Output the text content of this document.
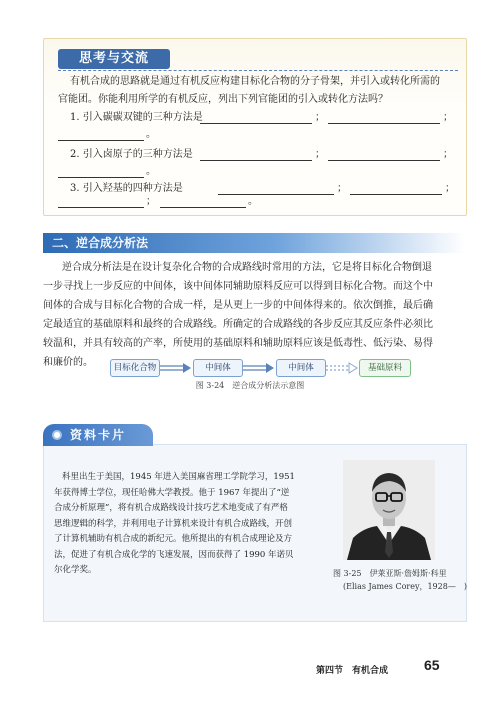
思考与交流
有机合成的思路就是通过有机反应构建目标化合物的分子骨架，并引入或转化所需的
官能团。你能利用所学的有机反应，列出下列官能团的引入或转化方法吗？
1. 引入碳碳双键的三种方法是	；	；
。
2. 引入卤原子的三种方法是	；	；
。
3. 引入羟基的四种方法是	；	；
；	。
二、逆合成分析法
逆合成分析法是在设计复杂化合物的合成路线时常用的方法，它是将目标化合物倒退
一步寻找上一步反应的中间体，该中间体同辅助原料反应可以得到目标化合物。而这个中
间体的合成与目标化合物的合成一样，是从更上一步的中间体得来的。依次倒推，最后确
定最适宜的基础原料和最终的合成路线。所确定的合成路线的各步反应其反应条件必须比
较温和，并具有较高的产率，所使用的基础原料和辅助原料应该是低毒性、低污染、易得
和廉价的。	目标化合物	中间体	中间体	基础原料
图 3-24　逆合成分析法示意图
资料卡片
科里出生于美国，1945 年进入美国麻省理工学院学习，1951
年获得博士学位，现任哈佛大学教授。他于 1967 年提出了“逆
合成分析原理”，将有机合成路线设计技巧艺术地变成了有严格
思维逻辑的科学，并利用电子计算机来设计有机合成路线，开创
了计算机辅助有机合成的新纪元。他所提出的有机合成理论及方
法，促进了有机合成化学的飞速发展，因而获得了 1990 年诺贝
尔化学奖。	图 3-25　伊莱亚斯·詹姆斯·科里
(Elias James Corey，1928—　)
第四节　有机合成	65
